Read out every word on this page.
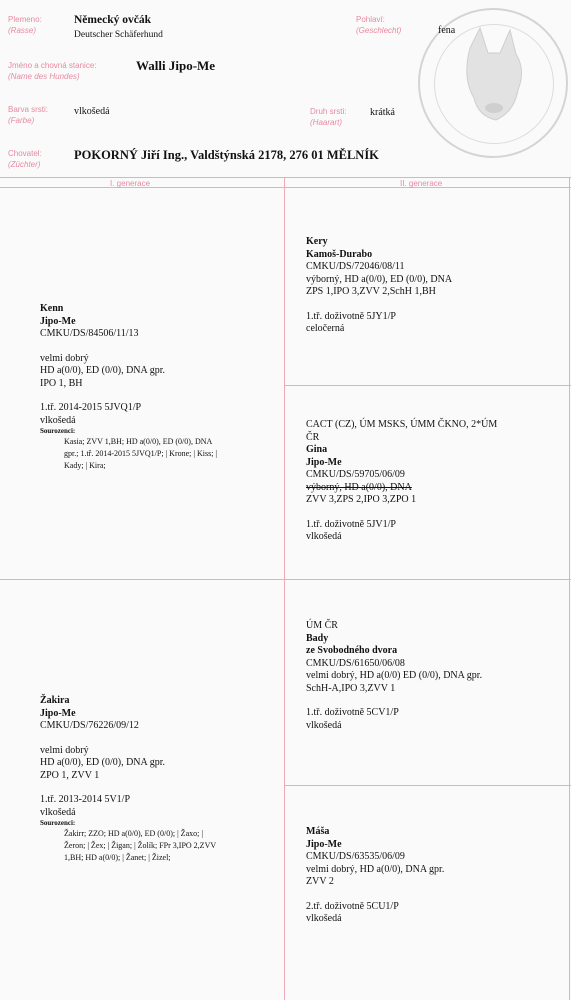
Plemeno:
(Rasse)
Německý ovčák
Deutscher Schäferhund
Pohlaví:
(Geschlecht)	fena
Jméno a chovná stanice:
(Name des Hundes)
Walli Jipo-Me
Barva srsti:
(Farbe)
vlkošedá	Druh srsti:
(Haarart)
krátká
Chovatel:
(Züchter)
POKORNÝ Jiří Ing., Valdštýnská 2178, 276 01 MĚLNÍK
I. generace	II. generace
Kenn
Jipo-Me
CMKU/DS/84506/11/13
velmi dobrý
HD a(0/0), ED (0/0), DNA gpr.
IPO 1, BH
1.tř. 2014-2015 5JVQ1/P
vlkošedá
Sourozenci:
Kasia; ZVV 1,BH; HD a(0/0), ED (0/0), DNA
gpr.; 1.tř. 2014-2015 5JVQ1/P; | Krone; | Kiss; |
Kady; | Kira;
Žakira
Jipo-Me
CMKU/DS/76226/09/12
velmi dobrý
HD a(0/0), ED (0/0), DNA gpr.
ZPO 1, ZVV 1
1.tř. 2013-2014 5V1/P
vlkošedá
Sourozenci:
Žakirr; ZZO; HD a(0/0), ED (0/0); | Žaxo; |
Žeron; | Žex; | Žigan; | Žolík; FPr 3,IPO 2,ZVV
1,BH; HD a(0/0); | Žanet; | Žizel;
Kery
Kamoš-Durabo
CMKU/DS/72046/08/11
výborný, HD a(0/0), ED (0/0), DNA
ZPS 1,IPO 3,ZVV 2,SchH 1,BH
1.tř. doživotně 5JY1/P
celočerná
CACT (CZ), ÚM MSKS, ÚMM ČKNO, 2*ÚM
ČR
Gina
Jipo-Me
CMKU/DS/59705/06/09
výborný, HD a(0/0), DNA
ZVV 3,ZPS 2,IPO 3,ZPO 1
1.tř. doživotně 5JV1/P
vlkošedá
ÚM ČR
Bady
ze Svobodného dvora
CMKU/DS/61650/06/08
velmi dobrý, HD a(0/0) ED (0/0), DNA gpr.
SchH-A,IPO 3,ZVV 1
1.tř. doživotně 5CV1/P
vlkošedá
Máša
Jipo-Me
CMKU/DS/63535/06/09
velmi dobrý, HD a(0/0), DNA gpr.
ZVV 2
2.tř. doživotně 5CU1/P
vlkošedá
